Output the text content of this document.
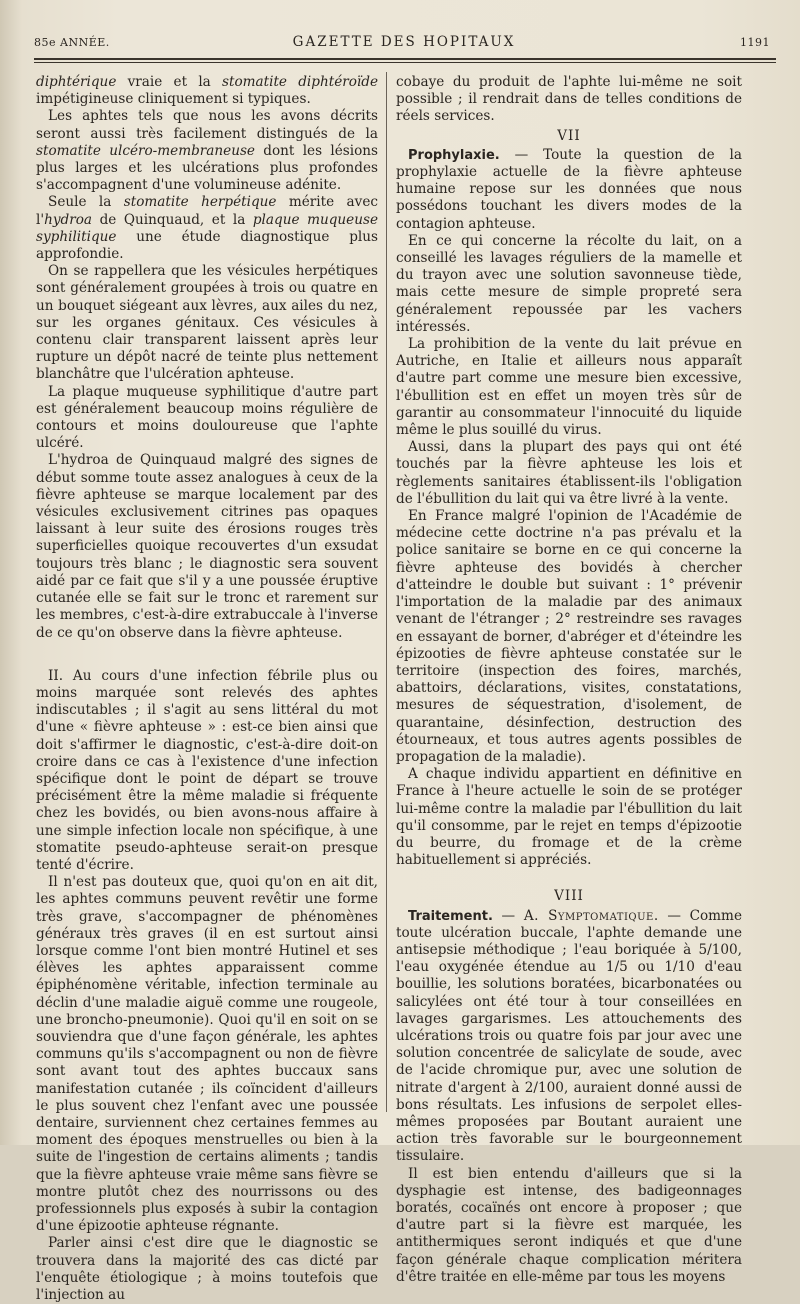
85e ANNÉE.	GAZETTE DES HOPITAUX	1191

diphtérique vraie et la stomatite diphtéroïde impétigineuse cliniquement si typiques.

Les aphtes tels que nous les avons décrits seront aussi très facilement distingués de la stomatite ulcéro-membraneuse dont les lésions plus larges et les ulcérations plus profondes s'accompagnent d'une volumineuse adénite.

Seule la stomatite herpétique mérite avec l'hydroa de Quinquaud, et la plaque muqueuse syphilitique une étude diagnostique plus approfondie.

On se rappellera que les vésicules herpétiques sont généralement groupées à trois ou quatre en un bouquet siégeant aux lèvres, aux ailes du nez, sur les organes génitaux. Ces vésicules à contenu clair transparent laissent après leur rupture un dépôt nacré de teinte plus nettement blanchâtre que l'ulcération aphteuse.

La plaque muqueuse syphilitique d'autre part est généralement beaucoup moins régulière de contours et moins douloureuse que l'aphte ulcéré.

L'hydroa de Quinquaud malgré des signes de début somme toute assez analogues à ceux de la fièvre aphteuse se marque localement par des vésicules exclusivement citrines pas opaques laissant à leur suite des érosions rouges très superficielles quoique recouvertes d'un exsudat toujours très blanc ; le diagnostic sera souvent aidé par ce fait que s'il y a une poussée éruptive cutanée elle se fait sur le tronc et rarement sur les membres, c'est-à-dire extrabuccale à l'inverse de ce qu'on observe dans la fièvre aphteuse.

II. Au cours d'une infection fébrile plus ou moins marquée sont relevés des aphtes indiscutables ; il s'agit au sens littéral du mot d'une « fièvre aphteuse » : est-ce bien ainsi que doit s'affirmer le diagnostic, c'est-à-dire doit-on croire dans ce cas à l'existence d'une infection spécifique dont le point de départ se trouve précisément être la même maladie si fréquente chez les bovidés, ou bien avons-nous affaire à une simple infection locale non spécifique, à une stomatite pseudo-aphteuse serait-on presque tenté d'écrire.

Il n'est pas douteux que, quoi qu'on en ait dit, les aphtes communs peuvent revêtir une forme très grave, s'accompagner de phénomènes généraux très graves (il en est surtout ainsi lorsque comme l'ont bien montré Hutinel et ses élèves les aphtes apparaissent comme épiphénomène véritable, infection terminale au déclin d'une maladie aiguë comme une rougeole, une broncho-pneumonie). Quoi qu'il en soit on se souviendra que d'une façon générale, les aphtes communs qu'ils s'accompagnent ou non de fièvre sont avant tout des aphtes buccaux sans manifestation cutanée ; ils coïncident d'ailleurs le plus souvent chez l'enfant avec une poussée dentaire, surviennent chez certaines femmes au moment des époques menstruelles ou bien à la suite de l'ingestion de certains aliments ; tandis que la fièvre aphteuse vraie même sans fièvre se montre plutôt chez des nourrissons ou des professionnels plus exposés à subir la contagion d'une épizootie aphteuse régnante.

Parler ainsi c'est dire que le diagnostic se trouvera dans la majorité des cas dicté par l'enquête étiologique ; à moins toutefois que l'injection au

cobaye du produit de l'aphte lui-même ne soit possible ; il rendrait dans de telles conditions de réels services.

VII

Prophylaxie. — Toute la question de la prophylaxie actuelle de la fièvre aphteuse humaine repose sur les données que nous possédons touchant les divers modes de la contagion aphteuse.

En ce qui concerne la récolte du lait, on a conseillé les lavages réguliers de la mamelle et du trayon avec une solution savonneuse tiède, mais cette mesure de simple propreté sera généralement repoussée par les vachers intéressés.

La prohibition de la vente du lait prévue en Autriche, en Italie et ailleurs nous apparaît d'autre part comme une mesure bien excessive, l'ébullition est en effet un moyen très sûr de garantir au consommateur l'innocuité du liquide même le plus souillé du virus.

Aussi, dans la plupart des pays qui ont été touchés par la fièvre aphteuse les lois et règlements sanitaires établissent-ils l'obligation de l'ébullition du lait qui va être livré à la vente.

En France malgré l'opinion de l'Académie de médecine cette doctrine n'a pas prévalu et la police sanitaire se borne en ce qui concerne la fièvre aphteuse des bovidés à chercher d'atteindre le double but suivant : 1° prévenir l'importation de la maladie par des animaux venant de l'étranger ; 2° restreindre ses ravages en essayant de borner, d'abréger et d'éteindre les épizooties de fièvre aphteuse constatée sur le territoire (inspection des foires, marchés, abattoirs, déclarations, visites, constatations, mesures de séquestration, d'isolement, de quarantaine, désinfection, destruction des étourneaux, et tous autres agents possibles de propagation de la maladie).

A chaque individu appartient en définitive en France à l'heure actuelle le soin de se protéger lui-même contre la maladie par l'ébullition du lait qu'il consomme, par le rejet en temps d'épizootie du beurre, du fromage et de la crème habituellement si appréciés.

VIII

Traitement. — A. Symptomatique. — Comme toute ulcération buccale, l'aphte demande une antisepsie méthodique ; l'eau boriquée à 5/100, l'eau oxygénée étendue au 1/5 ou 1/10 d'eau bouillie, les solutions boratées, bicarbonatées ou salicylées ont été tour à tour conseillées en lavages gargarismes. Les attouchements des ulcérations trois ou quatre fois par jour avec une solution concentrée de salicylate de soude, avec de l'acide chromique pur, avec une solution de nitrate d'argent à 2/100, auraient donné aussi de bons résultats. Les infusions de serpolet elles-mêmes proposées par Boutant auraient une action très favorable sur le bourgeonnement tissulaire.

Il est bien entendu d'ailleurs que si la dysphagie est intense, des badigeonnages boratés, cocaïnés ont encore à proposer ; que d'autre part si la fièvre est marquée, les antithermiques seront indiqués et que d'une façon générale chaque complication méritera d'être traitée en elle-même par tous les moyens
